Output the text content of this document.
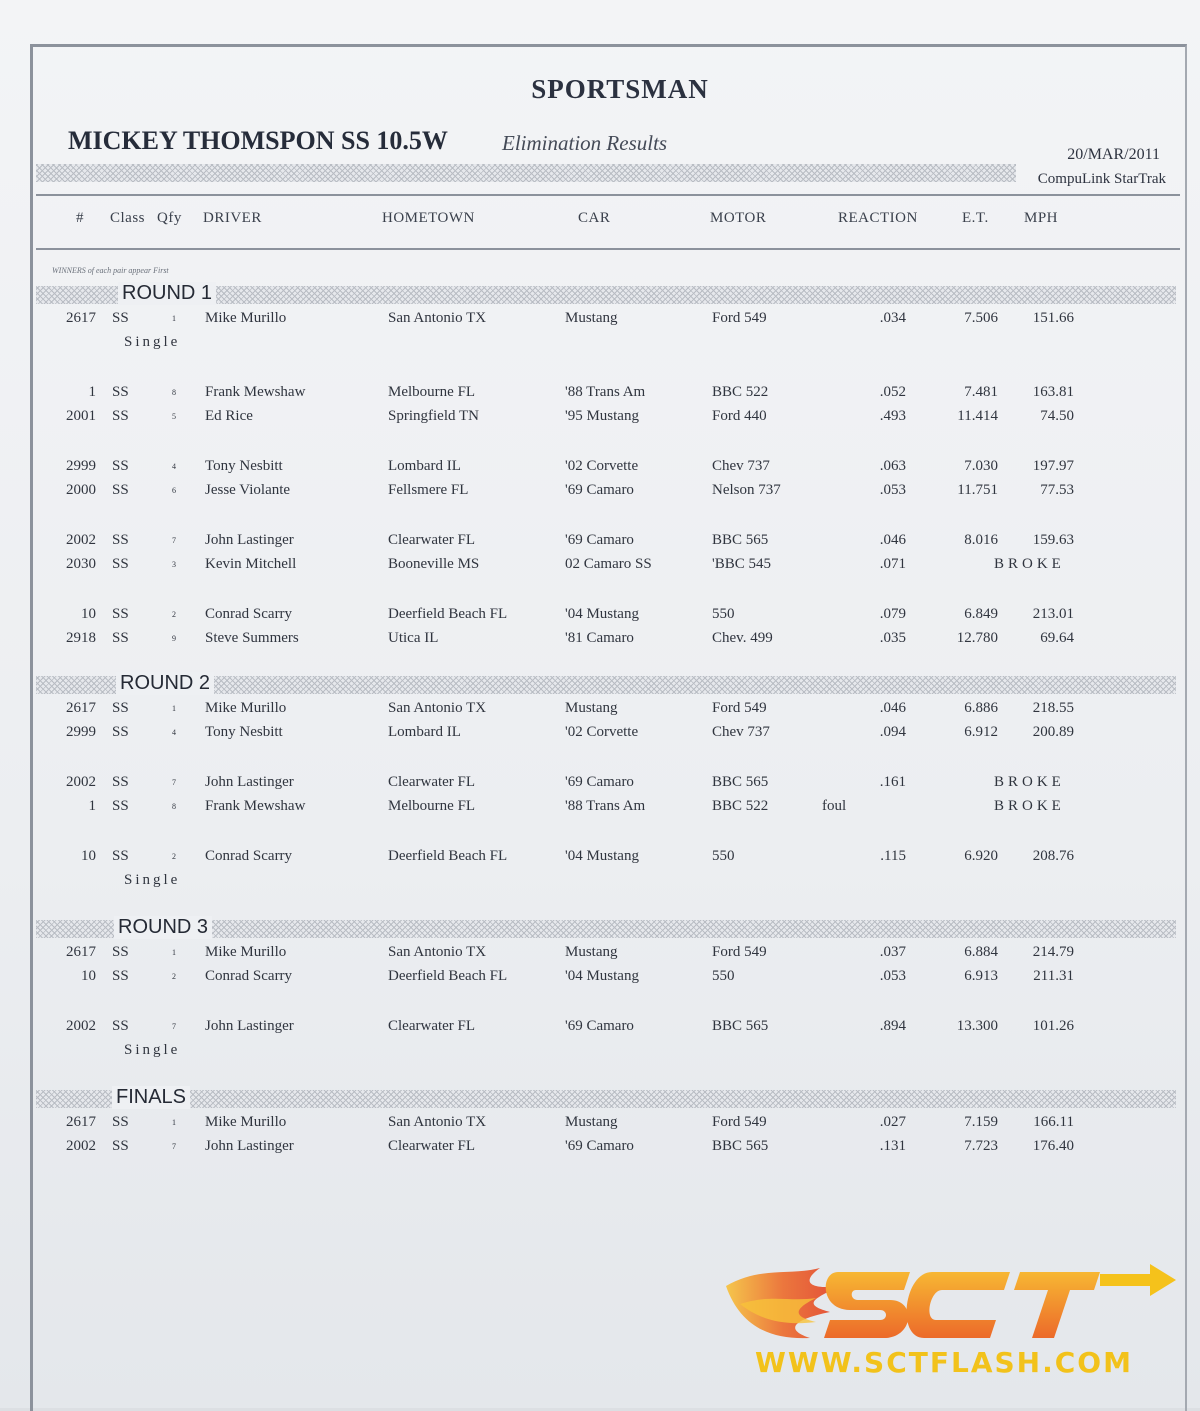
SPORTSMAN
MICKEY THOMSPON SS 10.5W	Elimination Results	20/MAR/2011
CompuLink StarTrak
# Class Qfy DRIVER	HOMETOWN	CAR	MOTOR	REACTION	E.T. MPH
WINNERS of each pair appear First
ROUND 1
2617 SS	1 Mike Murillo	San Antonio TX	Mustang	Ford 549	.034	7.506	151.66
Single
1 SS	8 Frank Mewshaw	Melbourne FL	'88 Trans Am	BBC 522	.052	7.481	163.81
2001 SS	5 Ed Rice	Springfield TN	'95 Mustang	Ford 440	.493	11.414	74.50
2999 SS	4 Tony Nesbitt	Lombard IL	'02 Corvette	Chev 737	.063	7.030	197.97
2000 SS	6 Jesse Violante	Fellsmere FL	'69 Camaro	Nelson 737	.053	11.751	77.53
2002 SS	7 John Lastinger	Clearwater FL	'69 Camaro	BBC 565	.046	8.016	159.63
2030 SS	3 Kevin Mitchell	Booneville MS	02 Camaro SS	'BBC 545	.071	BROKE
10 SS	2 Conrad Scarry	Deerfield Beach FL	'04 Mustang	550	.079	6.849	213.01
2918 SS	9 Steve Summers	Utica IL	'81 Camaro	Chev. 499	.035	12.780	69.64
ROUND 2
2617 SS	1 Mike Murillo	San Antonio TX	Mustang	Ford 549	.046	6.886	218.55
2999 SS	4 Tony Nesbitt	Lombard IL	'02 Corvette	Chev 737	.094	6.912	200.89
2002 SS	7 John Lastinger	Clearwater FL	'69 Camaro	BBC 565	.161	BROKE
1 SS	8 Frank Mewshaw	Melbourne FL	'88 Trans Am	BBC 522	foul	BROKE
10 SS	2 Conrad Scarry	Deerfield Beach FL	'04 Mustang	550	.115	6.920	208.76
Single
ROUND 3
2617 SS	1 Mike Murillo	San Antonio TX	Mustang	Ford 549	.037	6.884	214.79
10 SS	2 Conrad Scarry	Deerfield Beach FL	'04 Mustang	550	.053	6.913	211.31
2002 SS	7 John Lastinger	Clearwater FL	'69 Camaro	BBC 565	.894	13.300	101.26
Single
FINALS
2617 SS	1 Mike Murillo	San Antonio TX	Mustang	Ford 549	.027	7.159	166.11
2002 SS	7 John Lastinger	Clearwater FL	'69 Camaro	BBC 565	.131	7.723	176.40
WWW.SCTFLASH.COM
